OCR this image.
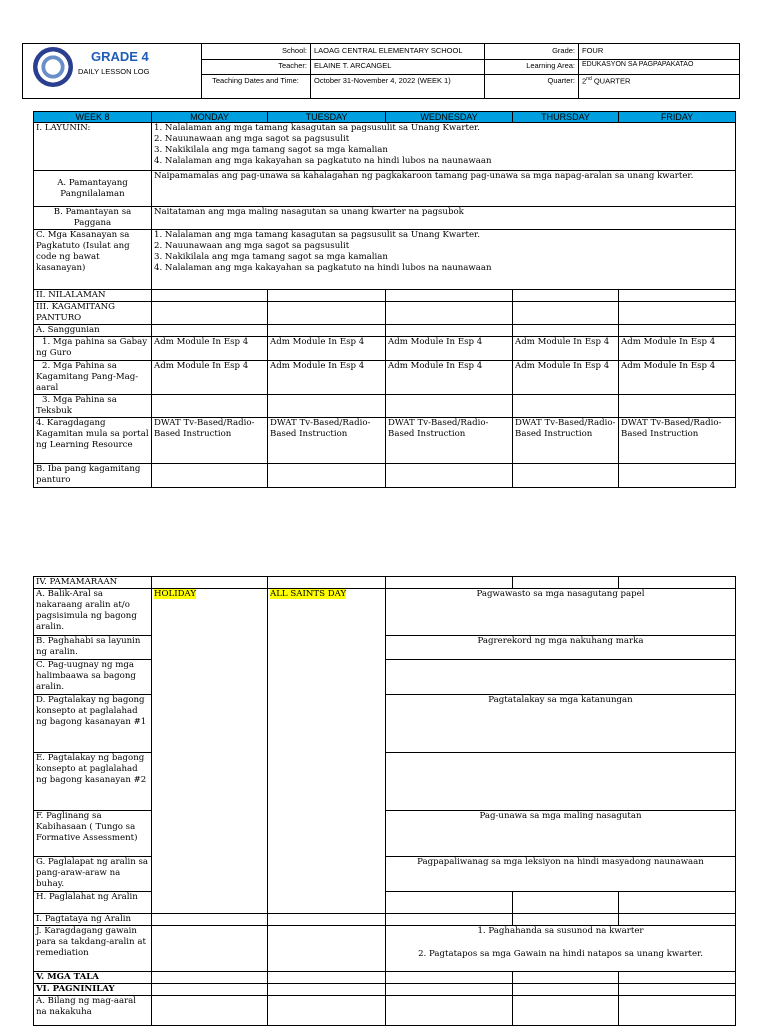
GRADE 4
DAILY LESSON LOG
School: LAOAG CENTRAL ELEMENTARY SCHOOL
Teacher: ELAINE T. ARCANGEL
Teaching Dates and Time:	October 31-November 4, 2022 (WEEK 1)
Grade: FOUR
Learning Area:	EDUKASYON SA PAGPAPAKATAO
Quarter: 2nd QUARTER
WEEK 8	MONDAY	TUESDAY	WEDNESDAY	THURSDAY	FRIDAY
I. LAYUNIN:	1. Nalalaman ang mga tamang kasagutan sa pagsusulit sa Unang Kwarter.
2. Nauunawaan ang mga sagot sa pagsusulit
3. Nakikilala ang mga tamang sagot sa mga kamalian
4. Nalalaman ang mga kakayahan sa pagkatuto na hindi lubos na naunawaan				

A. Pamantayang Pangnilalaman	Naipamamalas ang pag-unawa sa kahalagahan ng pagkakaroon tamang pag-unawa sa mga napag-aralan sa unang kwarter.				
B. Pamantayan sa Paggana	Naitataman ang mga maling nasagutan sa unang kwarter na pagsubok				
C. Mga Kasanayan sa Pagkatuto (Isulat ang code ng bawat kasanayan)	1. Nalalaman ang mga tamang kasagutan sa pagsusulit sa Unang Kwarter.
2. Nauunawaan ang mga sagot sa pagsusulit
3. Nakikilala ang mga tamang sagot sa mga kamalian
4. Nalalaman ang mga kakayahan sa pagkatuto na hindi lubos na naunawaan				

II. NILALAMAN					
III. KAGAMITANG PANTURO					
A. Sanggunian					
1. Mga pahina sa Gabay ng Guro	Adm Module In Esp 4	Adm Module In Esp 4	Adm Module In Esp 4	Adm Module In Esp 4	Adm Module In Esp 4
2. Mga Pahina sa Kagamitang Pang-Mag-aaral	Adm Module In Esp 4	Adm Module In Esp 4	Adm Module In Esp 4	Adm Module In Esp 4	Adm Module In Esp 4
3. Mga Pahina sa Teksbuk					
4. Karagdagang Kagamitan mula sa portal ng Learning Resource	DWAT Tv-Based/Radio-Based Instruction	DWAT Tv-Based/Radio-Based Instruction	DWAT Tv-Based/Radio-Based Instruction	DWAT Tv-Based/Radio-Based Instruction	DWAT Tv-Based/Radio-Based Instruction
B. Iba pang kagamitang panturo					
IV. PAMAMARAAN					
A. Balik-Aral sa nakaraang aralin at/o pagsisimula ng bagong aralin.	HOLIDAY	ALL SAINTS DAY	Pagwawasto sa mga nasagutang papel		
B. Paghahabi sa layunin ng aralin.			Pagrerekord ng mga nakuhang marka		
C. Pag-uugnay ng mga halimbaawa sa bagong aralin.					
D. Pagtalakay ng bagong konsepto at paglalahad ng bagong kasanayan #1			Pagtatalakay sa mga katanungan		
E. Pagtalakay ng bagong konsepto at paglalahad ng bagong kasanayan #2					
F. Paglinang sa Kabihasaan ( Tungo sa Formative Assessment)			Pag-unawa sa mga maling nasagutan		
G. Paglalapat ng aralin sa pang-araw-araw na buhay.			Pagpapaliwanag sa mga leksiyon na hindi masyadong naunawaan		
H. Paglalahat ng Aralin					
I. Pagtataya ng Aralin					
J. Karagdagang gawain para sa takdang-aralin at remediation			1. Paghahanda sa susunod na kwarter
2. Pagtatapos sa mga Gawain na hindi natapos sa unang kwarter.		

V. MGA TALA					
VI. PAGNINILAY					
A. Bilang ng mag-aaral na nakakuha					
